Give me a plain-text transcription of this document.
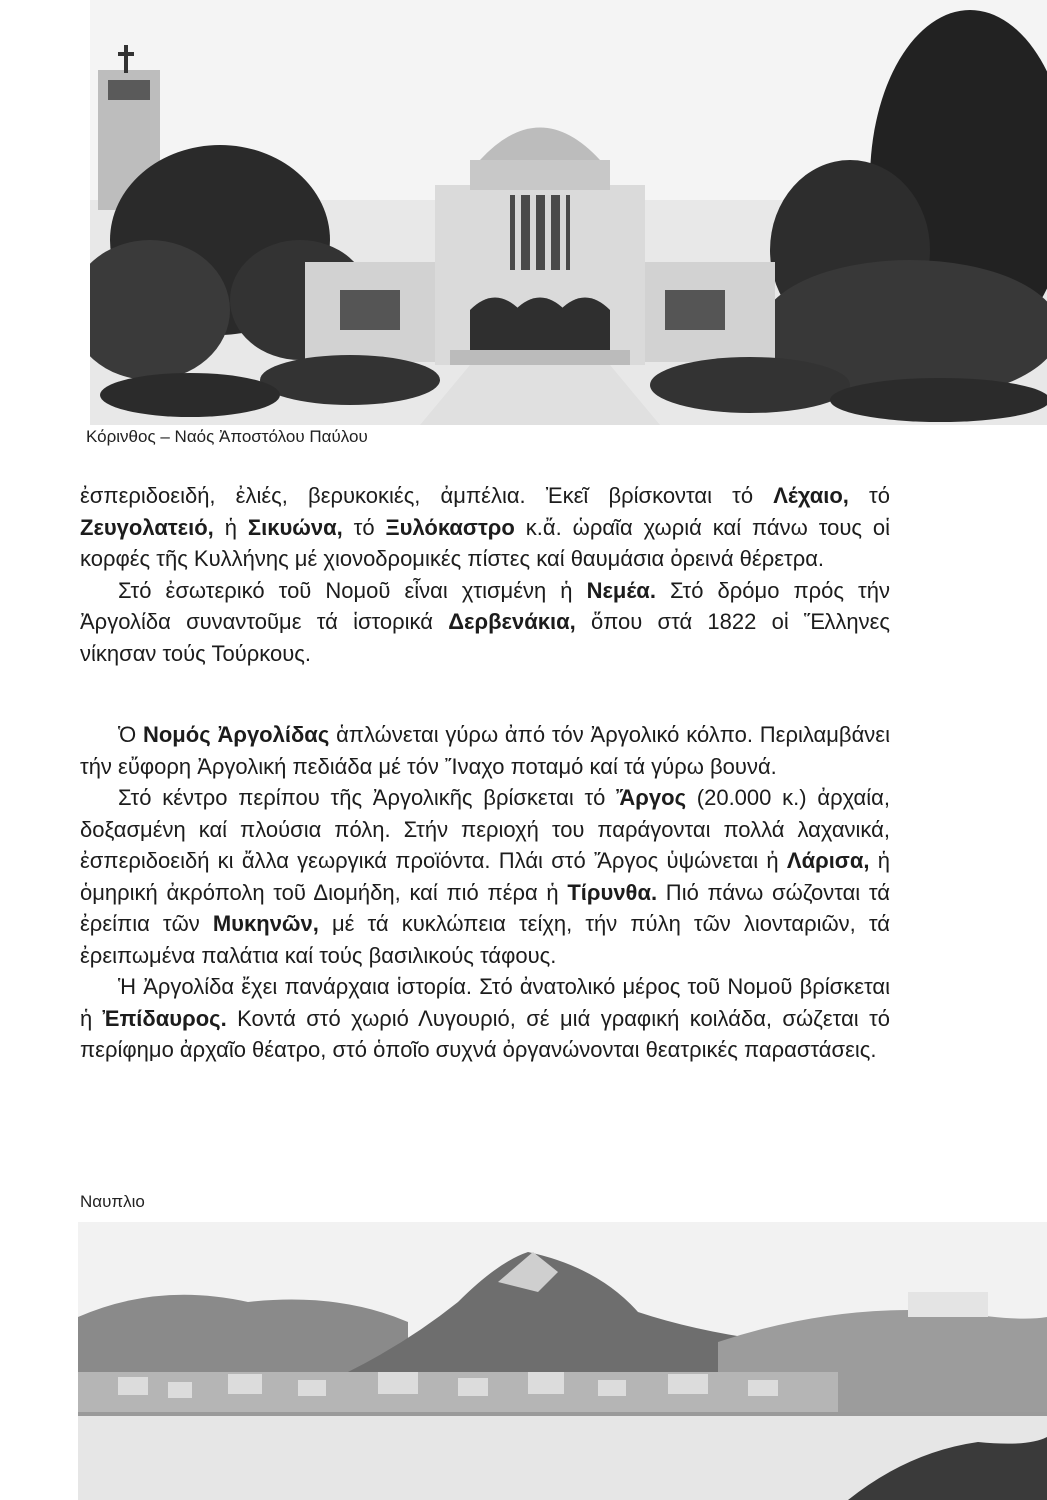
Κόρινθος – Ναός Ἀποστόλου Παύλου

ἐσπεριδοειδή, ἐλιές, βερυκοκιές, ἀμπέλια. Ἐκεῖ βρίσκονται τό Λέχαιο, τό Ζευγολατειό, ἡ Σικυώνα, τό Ξυλόκαστρο κ.ἄ. ὡραῖα χωριά καί πάνω τους οἱ κορφές τῆς Κυλλήνης μέ χιονοδρομικές πίστες καί θαυμάσια ὀρεινά θέρετρα.

Στό ἐσωτερικό τοῦ Νομοῦ εἶναι χτισμένη ἡ Νεμέα. Στό δρόμο πρός τήν Ἀργολίδα συναντοῦμε τά ἱστορικά Δερβενάκια, ὅπου στά 1822 οἱ Ἕλληνες νίκησαν τούς Τούρκους.

Ὁ Νομός Ἀργολίδας ἁπλώνεται γύρω ἀπό τόν Ἀργολικό κόλπο. Περιλαμβάνει τήν εὔφορη Ἀργολική πεδιάδα μέ τόν Ἴναχο ποταμό καί τά γύρω βουνά.

Στό κέντρο περίπου τῆς Ἀργολικῆς βρίσκεται τό Ἄργος (20.000 κ.) ἀρχαία, δοξασμένη καί πλούσια πόλη. Στήν περιοχή του παράγονται πολλά λαχανικά, ἐσπεριδοειδή κι ἄλλα γεωργικά προϊόντα. Πλάι στό Ἄργος ὑψώνεται ἡ Λάρισα, ἡ ὁμηρική ἀκρόπολη τοῦ Διομήδη, καί πιό πέρα ἡ Τίρυνθα. Πιό πάνω σώζονται τά ἐρείπια τῶν Μυκηνῶν, μέ τά κυκλώπεια τείχη, τήν πύλη τῶν λιονταριῶν, τά ἐρειπωμένα παλάτια καί τούς βασιλικούς τάφους.

Ἡ Ἀργολίδα ἔχει πανάρχαια ἱστορία. Στό ἀνατολικό μέρος τοῦ Νομοῦ βρίσκεται ἡ Ἐπίδαυρος. Κοντά στό χωριό Λυγουριό, σέ μιά γραφική κοιλάδα, σώζεται τό περίφημο ἀρχαῖο θέατρο, στό ὁποῖο συχνά ὀργανώνονται θεατρικές παραστάσεις.

Ναυπλιο
